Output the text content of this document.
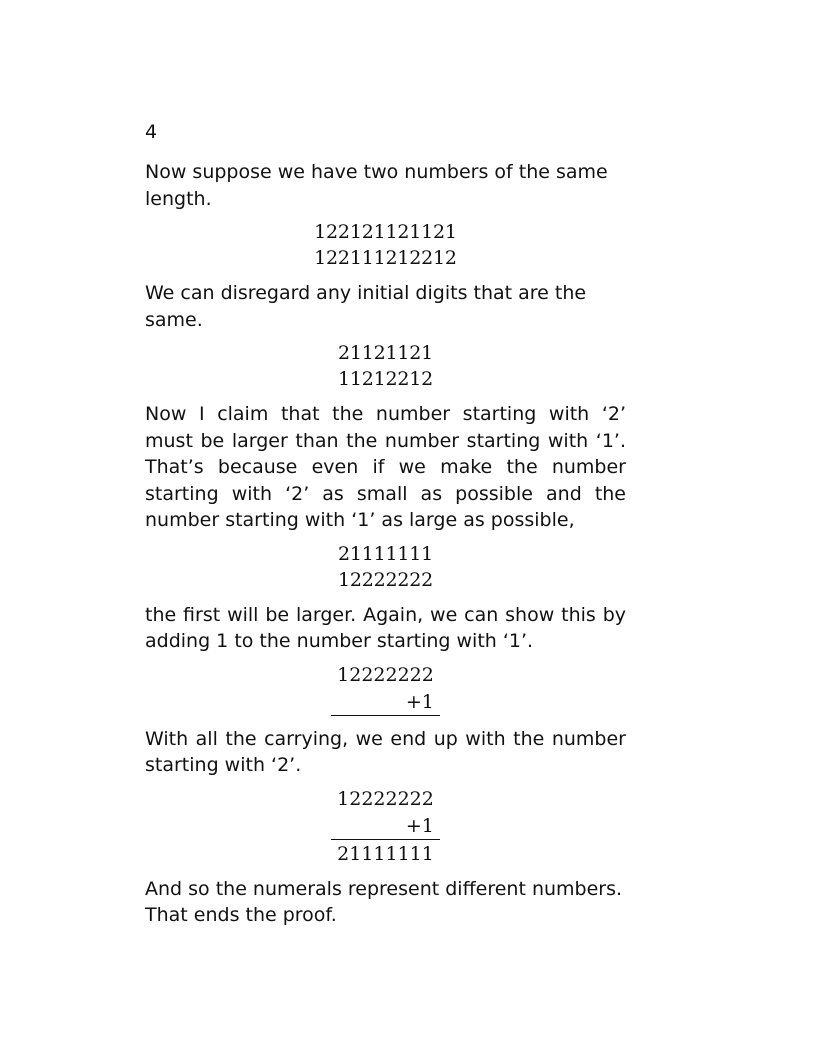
4

Now suppose we have two numbers of the same length.

122121121121
122111212212

We can disregard any initial digits that are the same.

21121121
11212212

Now I claim that the number starting with ‘2’ must be larger than the number starting with ‘1’. That’s because even if we make the number starting with ‘2’ as small as possible and the number starting with ‘1’ as large as possible,

21111111
12222222

the first will be larger. Again, we can show this by adding 1 to the number starting with ‘1’.

12222222
+1

With all the carrying, we end up with the number starting with ‘2’.

12222222
+1
21111111

And so the numerals represent different numbers. That ends the proof.
